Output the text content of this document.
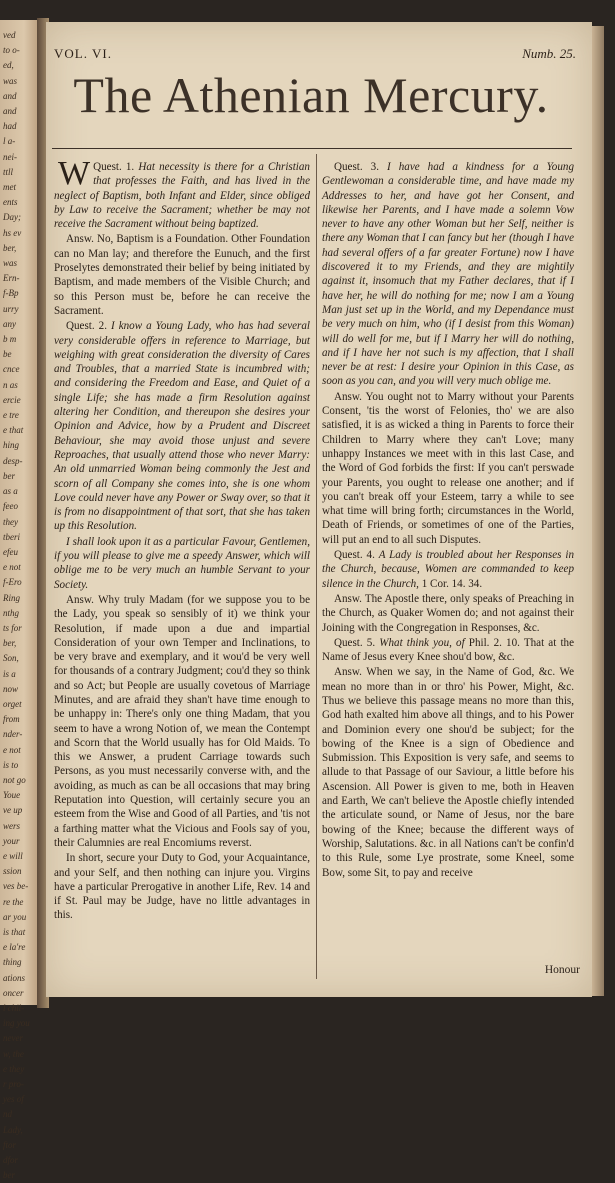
ved
to o-
ed,
was
and
and
had
l a-
nei-
ttll
met
ents
Day;
hs ev
ber,
was
Ern-
f-Bp
urry
any
b m
be
cnce
n as
ercie
e tre
e that
hing
desp-
ber
as a
feeo
they
tberi
efeu
e not
f-Ero
Ring
nthg
ts for
ber,
Son,
is a
now
orget
from
nder-
e not
is to
not go
Youe
ve up
wers
your
e will
ssion
ves be-
re the
ar you
is that
e la're
thing
ations
oncer
l chil-
ing you
never
w, the
e they
r pro-
yes of
nd
Lady,
ftor
dfor
ber
VOL. VI.	Numb. 25.
The Athenian Mercury.

Quest. 1.
W	Hat necessity is there for a Christian that professes the Faith, and has lived in the neglect of Baptism, both Infant and Elder, since obliged by Law to receive the Sacrament; whether be may not receive the Sacrament without being baptized.

Answ. No, Baptism is a Foundation. Other Foundation can no Man lay; and therefore the Eunuch, and the first Proselytes demonstrated their belief by being initiated by Baptism, and made members of the Visible Church; and so this Person must be, before he can receive the Sacrament.

Quest. 2. I know a Young Lady, who has had several very considerable offers in reference to Marriage, but weighing with great consideration the diversity of Cares and Troubles, that a married State is incumbred with; and considering the Freedom and Ease, and Quiet of a single Life; she has made a firm Resolution against altering her Condition, and thereupon she desires your Opinion and Advice, how by a Prudent and Discreet Behaviour, she may avoid those unjust and severe Reproaches, that usually attend those who never Marry: An old unmarried Woman being commonly the Jest and scorn of all Company she comes into, she is one whom Love could never have any Power or Sway over, so that it is from no disappointment of that sort, that she has taken up this Resolution.

I shall look upon it as a particular Favour, Gentlemen, if you will please to give me a speedy Answer, which will oblige me to be very much an humble Servant to your Society.

Answ. Why truly Madam (for we suppose you to be the Lady, you speak so sensibly of it) we think your Resolution, if made upon a due and impartial Consideration of your own Temper and Inclinations, to be very brave and exemplary, and it wou'd be very well for thousands of a contrary Judgment; cou'd they so think and so Act; but People are usually covetous of Marriage Minutes, and are afraid they shan't have time enough to be unhappy in: There's only one thing Madam, that you seem to have a wrong Notion of, we mean the Contempt and Scorn that the World usually has for Old Maids. To this we Answer, a prudent Carriage towards such Persons, as you must necessarily converse with, and the avoiding, as much as can be all occasions that may bring Reputation into Question, will certainly secure you an esteem from the Wise and Good of all Parties, and 'tis not a farthing matter what the Vicious and Fools say of you, their Calumnies are real Encomiums reverst.

In short, secure your Duty to God, your Acquaintance, and your Self, and then nothing can injure you. Virgins have a particular Prerogative in another Life, Rev. 14 and if St. Paul may be Judge, have no little advantages in this.

Quest. 3. I have had a kindness for a Young Gentlewoman a considerable time, and have made my Addresses to her, and have got her Consent, and likewise her Parents, and I have made a solemn Vow never to have any other Woman but her Self, neither is there any Woman that I can fancy but her (though I have had several offers of a far greater Fortune) now I have discovered it to my Friends, and they are mightily against it, insomuch that my Father declares, that if I have her, he will do nothing for me; now I am a Young Man just set up in the World, and my Dependance must be very much on him, who (if I desist from this Woman) will do well for me, but if I Marry her will do nothing, and if I have her not such is my affection, that I shall never be at rest: I desire your Opinion in this Case, as soon as you can, and you will very much oblige me.

Answ. You ought not to Marry without your Parents Consent, 'tis the worst of Felonies, tho' we are also satisfied, it is as wicked a thing in Parents to force their Children to Marry where they can't Love; many unhappy Instances we meet with in this last Case, and the Word of God forbids the first: If you can't perswade your Parents, you ought to release one another; and if you can't break off your Esteem, tarry a while to see what time will bring forth; circumstances in the World, Death of Friends, or sometimes of one of the Parties, will put an end to all such Disputes.

Quest. 4. A Lady is troubled about her Responses in the Church, because, Women are commanded to keep silence in the Church, 1 Cor. 14. 34.

Answ. The Apostle there, only speaks of Preaching in the Church, as Quaker Women do; and not against their Joining with the Congregation in Responses, &c.

Quest. 5. What think you, of Phil. 2. 10. That at the Name of Jesus every Knee shou'd bow, &c.

Answ. When we say, in the Name of God, &c. We mean no more than in or thro' his Power, Might, &c. Thus we believe this passage means no more than this, God hath exalted him above all things, and to his Power and Dominion every one shou'd be subject; for the bowing of the Knee is a sign of Obedience and Submission. This Exposition is very safe, and seems to allude to that Passage of our Saviour, a little before his Ascension. All Power is given to me, both in Heaven and Earth, We can't believe the Apostle chiefly intended the articulate sound, or Name of Jesus, nor the bare bowing of the Knee; because the different ways of Worship, Salutations. &c. in all Nations can't be confin'd to this Rule, some Lye prostrate, some Kneel, some Bow, some Sit, to pay and receive

Honour
